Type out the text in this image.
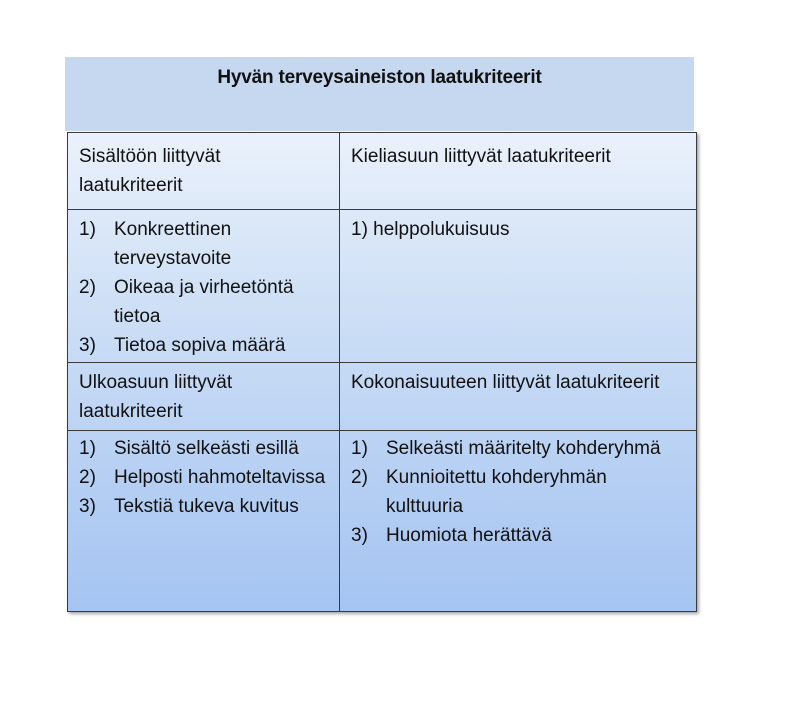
Hyvän terveysaineiston laatukriteerit
Sisältöön liittyvät laatukriteerit
Kieliasuun liittyvät laatukriteerit
1) Konkreettinen terveystavoite
2) Oikeaa ja virheetöntä tietoa
3) Tietoa sopiva määrä
1) helppolukuisuus
Ulkoasuun liittyvät laatukriteerit
Kokonaisuuteen liittyvät laatukriteerit
1) Sisältö selkeästi esillä
2) Helposti hahmoteltavissa
3) Tekstiä tukeva kuvitus
1) Selkeästi määritelty kohderyhmä
2) Kunnioitettu kohderyhmän kulttuuria
3) Huomiota herättävä
